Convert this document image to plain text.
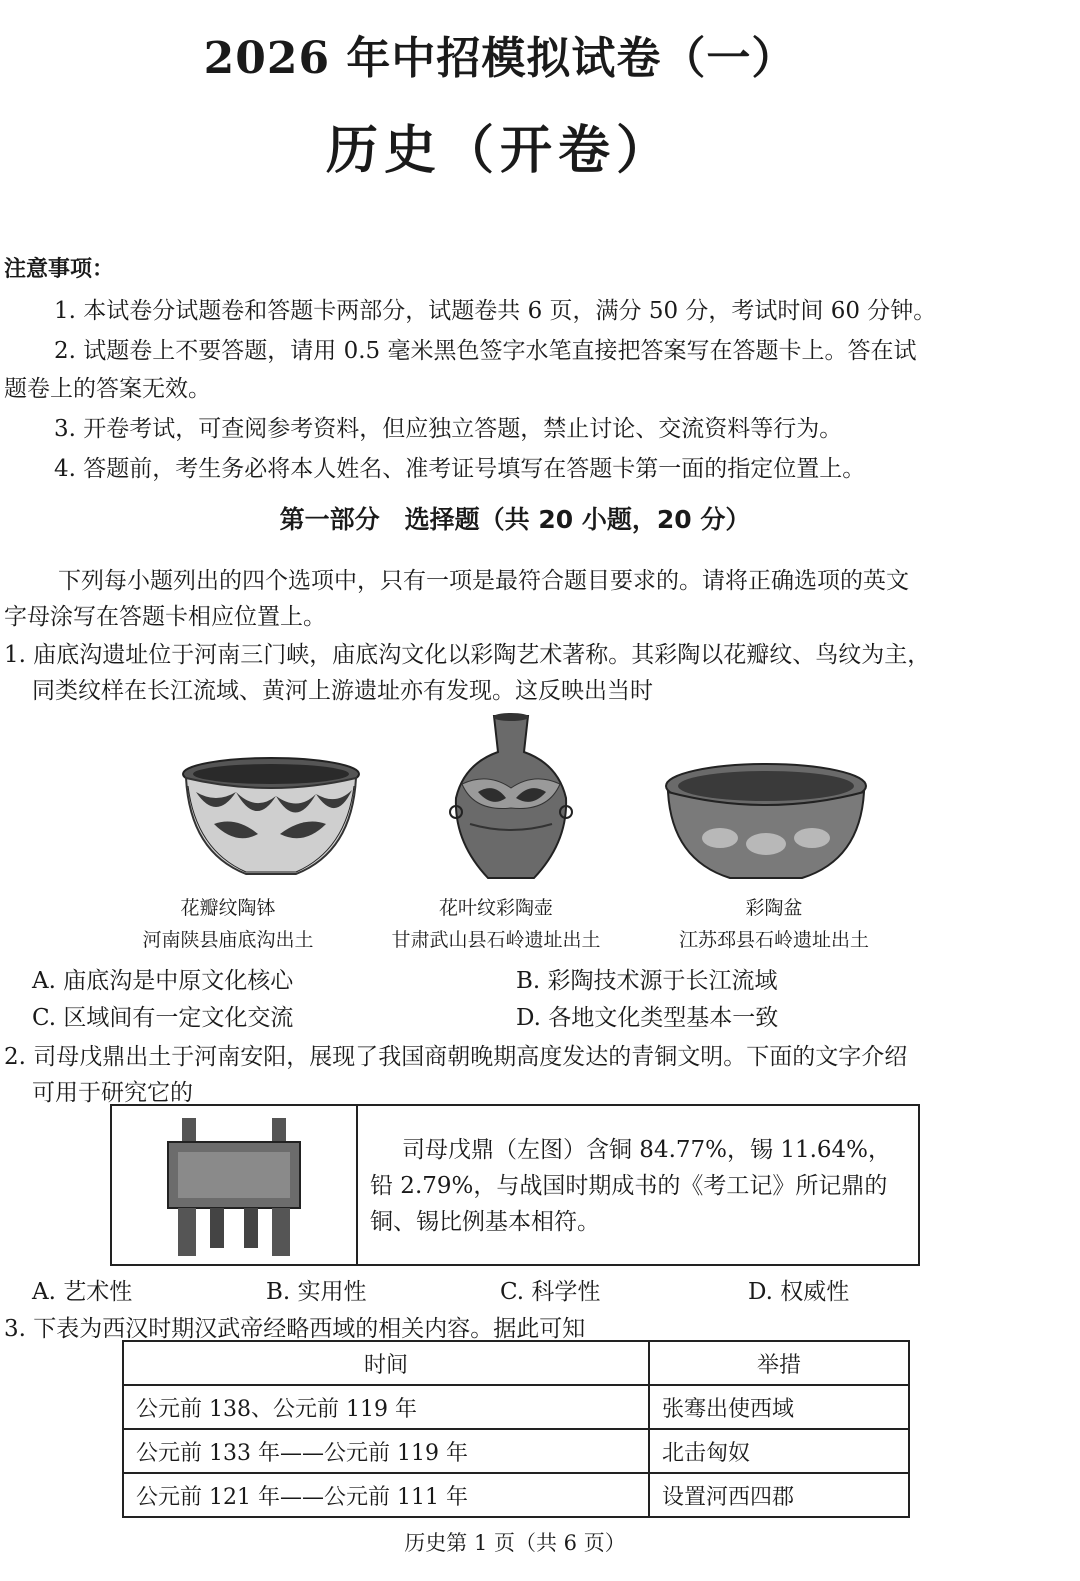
2026 年中招模拟试卷（一）
历史（开卷）
注意事项：
1. 本试卷分试题卷和答题卡两部分，试题卷共 6 页，满分 50 分，考试时间 60 分钟。
2. 试题卷上不要答题，请用 0.5 毫米黑色签字水笔直接把答案写在答题卡上。答在试
题卷上的答案无效。
3. 开卷考试，可查阅参考资料，但应独立答题，禁止讨论、交流资料等行为。
4. 答题前，考生务必将本人姓名、准考证号填写在答题卡第一面的指定位置上。
第一部分　选择题（共 20 小题，20 分）
下列每小题列出的四个选项中，只有一项是最符合题目要求的。请将正确选项的英文
字母涂写在答题卡相应位置上。
1. 庙底沟遗址位于河南三门峡，庙底沟文化以彩陶艺术著称。其彩陶以花瓣纹、鸟纹为主，
同类纹样在长江流域、黄河上游遗址亦有发现。这反映出当时
花瓣纹陶钵
河南陕县庙底沟出土
花叶纹彩陶壶
甘肃武山县石岭遗址出土
彩陶盆
江苏邳县石岭遗址出土
A. 庙底沟是中原文化核心	B. 彩陶技术源于长江流域
C. 区域间有一定文化交流	D. 各地文化类型基本一致
2. 司母戊鼎出土于河南安阳，展现了我国商朝晚期高度发达的青铜文明。下面的文字介绍
可用于研究它的
司母戊鼎（左图）含铜 84.77%，锡 11.64%，铅 2.79%，与战国时期成书的《考工记》所记鼎的铜、锡比例基本相符。
A. 艺术性	B. 实用性	C. 科学性	D. 权威性
3. 下表为西汉时期汉武帝经略西域的相关内容。据此可知
时间	举措
公元前 138、公元前 119 年	张骞出使西域
公元前 133 年——公元前 119 年	北击匈奴
公元前 121 年——公元前 111 年	设置河西四郡
历史第 1 页（共 6 页）
